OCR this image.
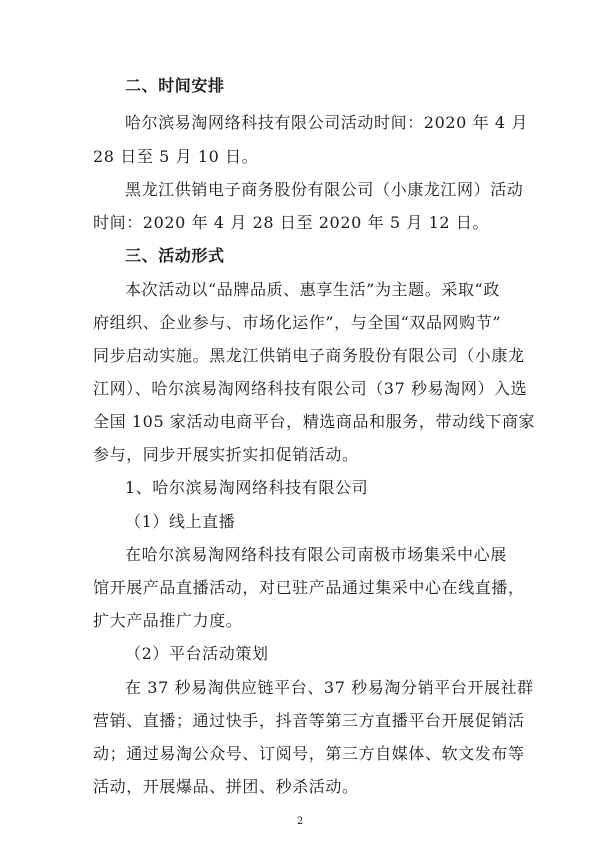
二、时间安排
哈尔滨易淘网络科技有限公司活动时间：2020 年 4 月
28 日至 5 月 10 日。
黑龙江供销电子商务股份有限公司（小康龙江网）活动
时间：2020 年 4 月 28 日至 2020 年 5 月 12 日。
三、活动形式
本次活动以“品牌品质、惠享生活”为主题。采取“政
府组织、企业参与、市场化运作”，与全国“双品网购节”
同步启动实施。黑龙江供销电子商务股份有限公司（小康龙
江网）、哈尔滨易淘网络科技有限公司（37 秒易淘网）入选
全国 105 家活动电商平台，精选商品和服务，带动线下商家
参与，同步开展实折实扣促销活动。
1、哈尔滨易淘网络科技有限公司
（1）线上直播
在哈尔滨易淘网络科技有限公司南极市场集采中心展
馆开展产品直播活动，对已驻产品通过集采中心在线直播，
扩大产品推广力度。
（2）平台活动策划
在 37 秒易淘供应链平台、37 秒易淘分销平台开展社群
营销、直播；通过快手，抖音等第三方直播平台开展促销活
动；通过易淘公众号、订阅号，第三方自媒体、软文发布等
活动，开展爆品、拼团、秒杀活动。
2
